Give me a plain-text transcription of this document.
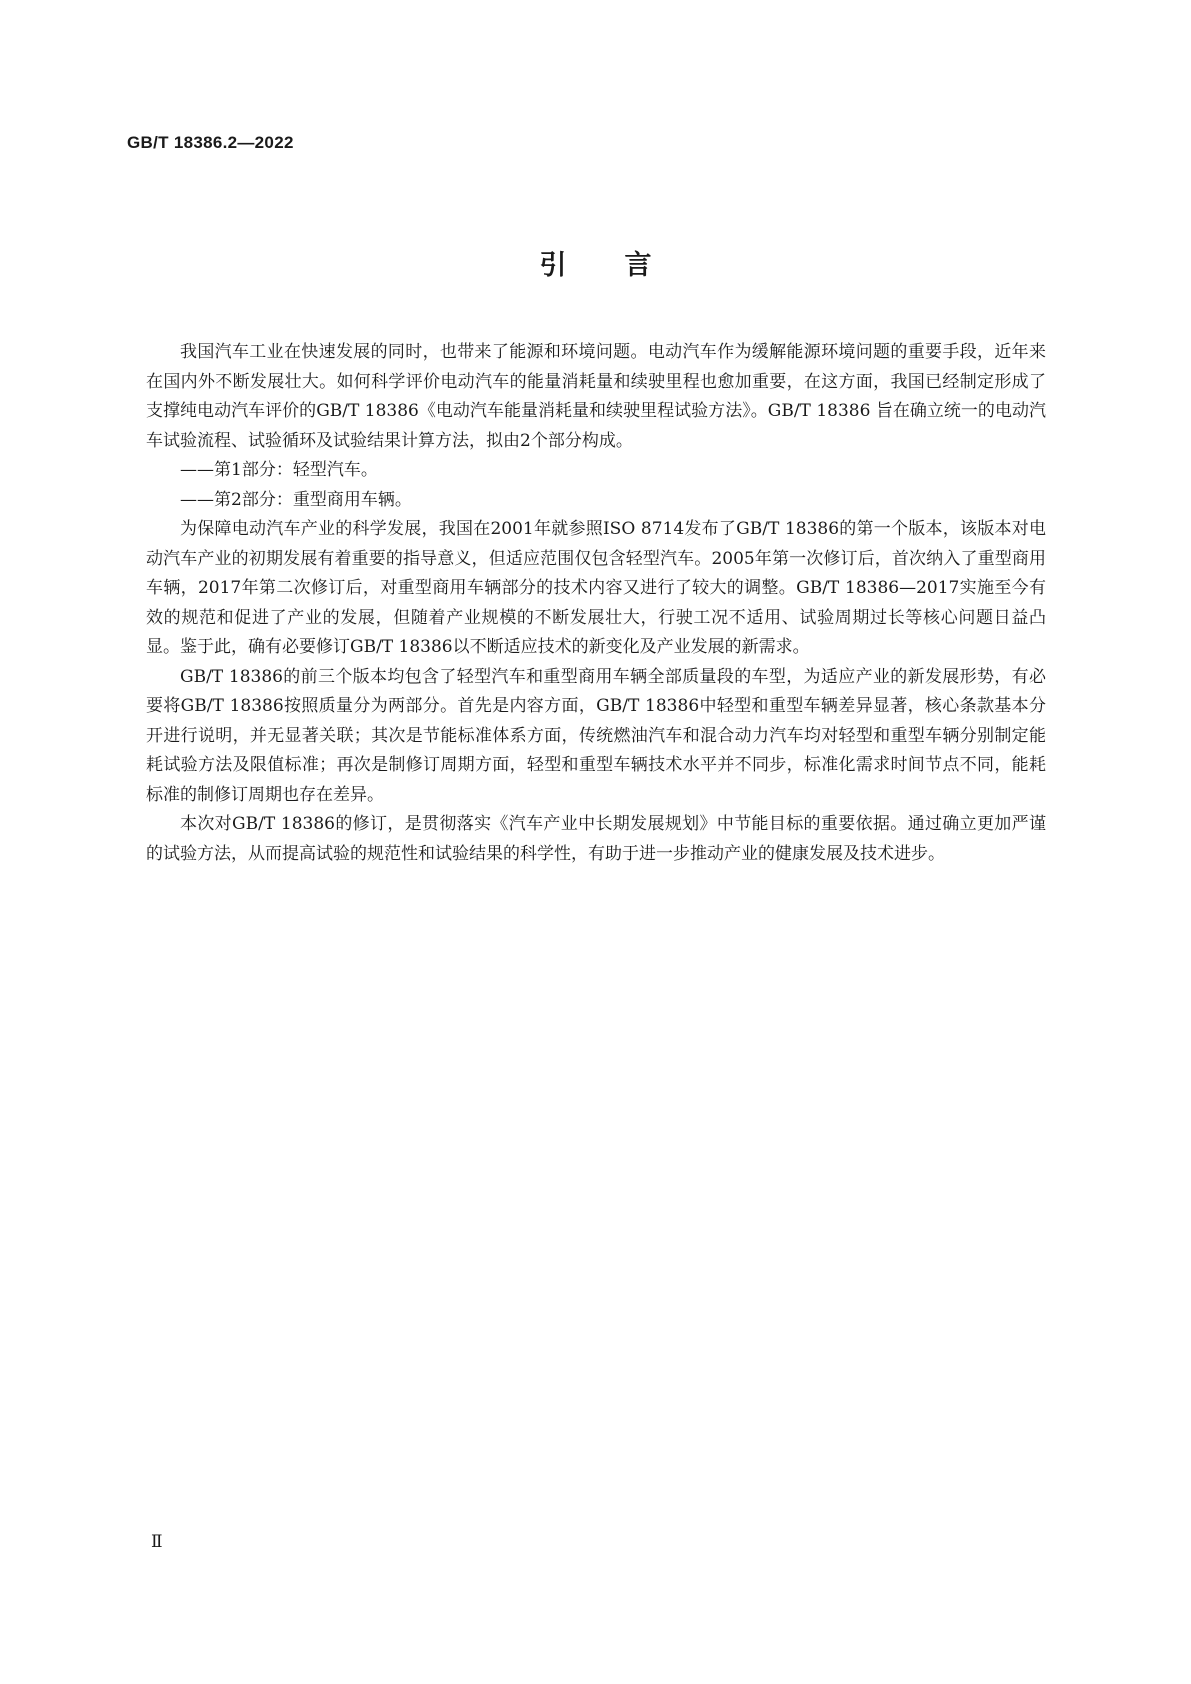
GB/T 18386.2—2022
引言

我国汽车工业在快速发展的同时，也带来了能源和环境问题。电动汽车作为缓解能源环境问题的重要手段，近年来在国内外不断发展壮大。如何科学评价电动汽车的能量消耗量和续驶里程也愈加重要，在这方面，我国已经制定形成了支撑纯电动汽车评价的GB/T 18386《电动汽车能量消耗量和续驶里程试验方法》。GB/T 18386 旨在确立统一的电动汽车试验流程、试验循环及试验结果计算方法，拟由2个部分构成。

——第1部分：轻型汽车。

——第2部分：重型商用车辆。

为保障电动汽车产业的科学发展，我国在2001年就参照ISO 8714发布了GB/T 18386的第一个版本，该版本对电动汽车产业的初期发展有着重要的指导意义，但适应范围仅包含轻型汽车。2005年第一次修订后，首次纳入了重型商用车辆，2017年第二次修订后，对重型商用车辆部分的技术内容又进行了较大的调整。GB/T 18386—2017实施至今有效的规范和促进了产业的发展，但随着产业规模的不断发展壮大，行驶工况不适用、试验周期过长等核心问题日益凸显。鉴于此，确有必要修订GB/T 18386以不断适应技术的新变化及产业发展的新需求。

GB/T 18386的前三个版本均包含了轻型汽车和重型商用车辆全部质量段的车型，为适应产业的新发展形势，有必要将GB/T 18386按照质量分为两部分。首先是内容方面，GB/T 18386中轻型和重型车辆差异显著，核心条款基本分开进行说明，并无显著关联；其次是节能标准体系方面，传统燃油汽车和混合动力汽车均对轻型和重型车辆分别制定能耗试验方法及限值标准；再次是制修订周期方面，轻型和重型车辆技术水平并不同步，标准化需求时间节点不同，能耗标准的制修订周期也存在差异。

本次对GB/T 18386的修订，是贯彻落实《汽车产业中长期发展规划》中节能目标的重要依据。通过确立更加严谨的试验方法，从而提高试验的规范性和试验结果的科学性，有助于进一步推动产业的健康发展及技术进步。

Ⅱ
